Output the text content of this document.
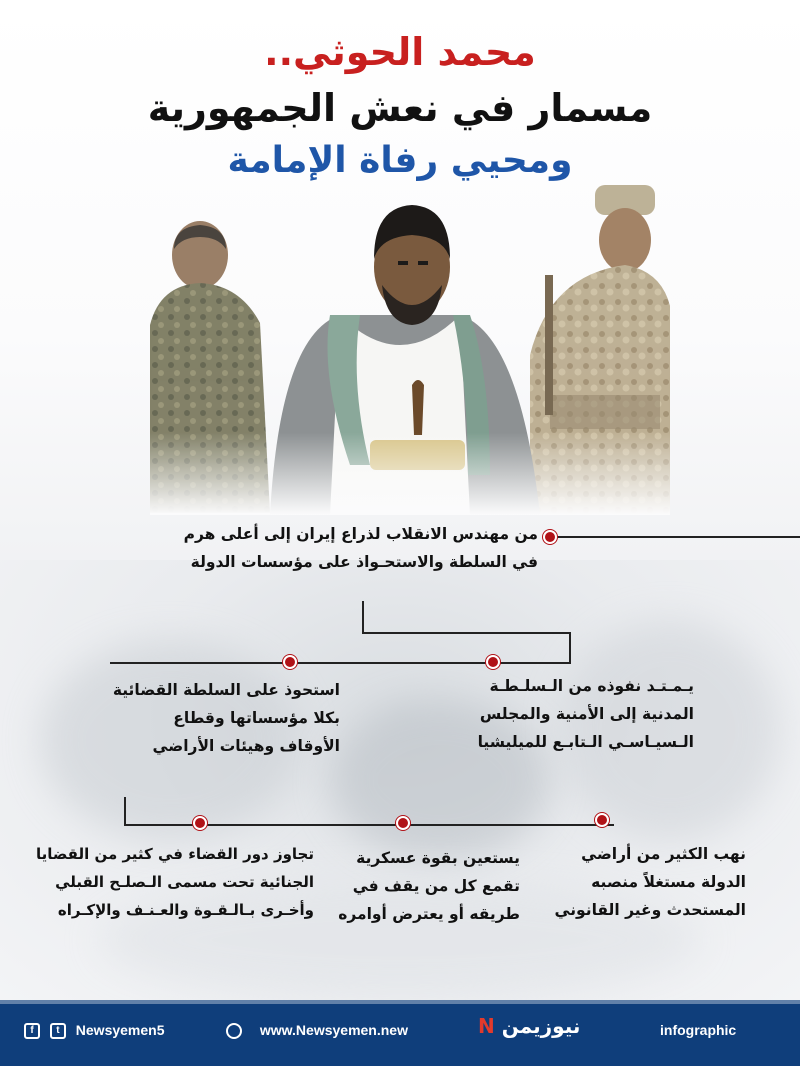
محمد الحوثي..
مسمار في نعش الجمهورية
ومحيي رفاة الإمامة
من مهندس الانقلاب لذراع إيران إلى أعلى هرم
في السلطة والاستحـواذ على مؤسسات الدولة
يـمـتـد نفوذه من الـسلـطـة
المدنية إلى الأمنية والمجلس
الـسيـاسـي الـتابـع للميليشيا
استحوذ على السلطة القضائية
بكلا مؤسساتها وقطاع
الأوقاف وهيئات الأراضي
نهب الكثير من أراضي
الدولة مستغلاً منصبه
المستحدث وغير القانوني
يستعين بقوة عسكرية
تقمع كل من يقف في
طريقه أو يعترض أوامره
تجاوز دور القضاء في كثير من القضايا
الجنائية تحت مسمى الـصلـح القبلي
وأخـرى بـالـقـوة والعـنـف والإكـراه
f t Newsyemen5	www.Newsyemen.new	نيوزيمن N	infographic
